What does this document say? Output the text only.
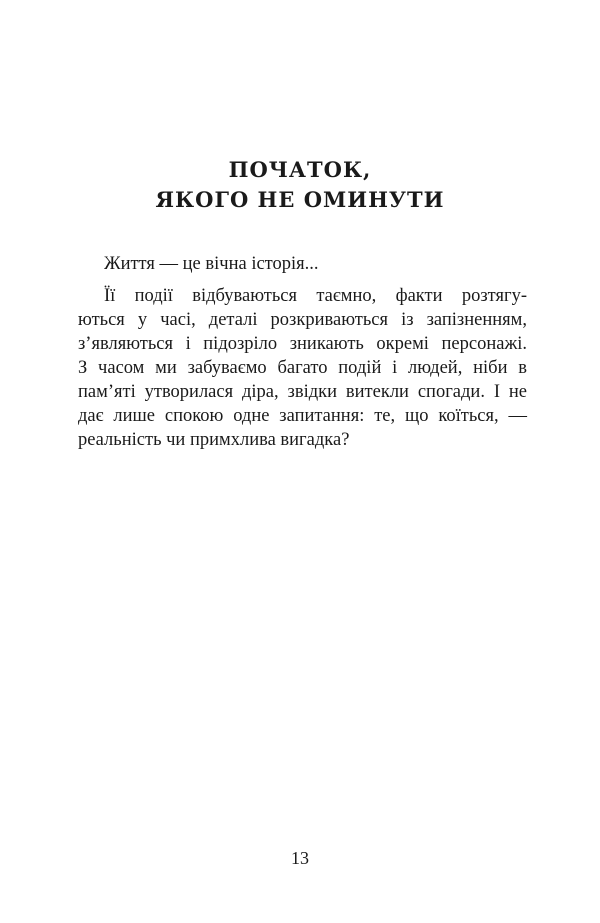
ПОЧАТОК,
ЯКОГО НЕ ОМИНУТИ

Життя — це вічна історія...

Її події відбуваються таємно, факти розтягу-
ються у часі, деталі розкриваються із запізненням,
з’являються і підозріло зникають окремі персонажі.
З часом ми забуваємо багато подій і людей, ніби в
пам’яті утворилася діра, звідки витекли спогади. І не
дає лише спокою одне запитання: те, що коїться, —
реальність чи примхлива вигадка?

13
